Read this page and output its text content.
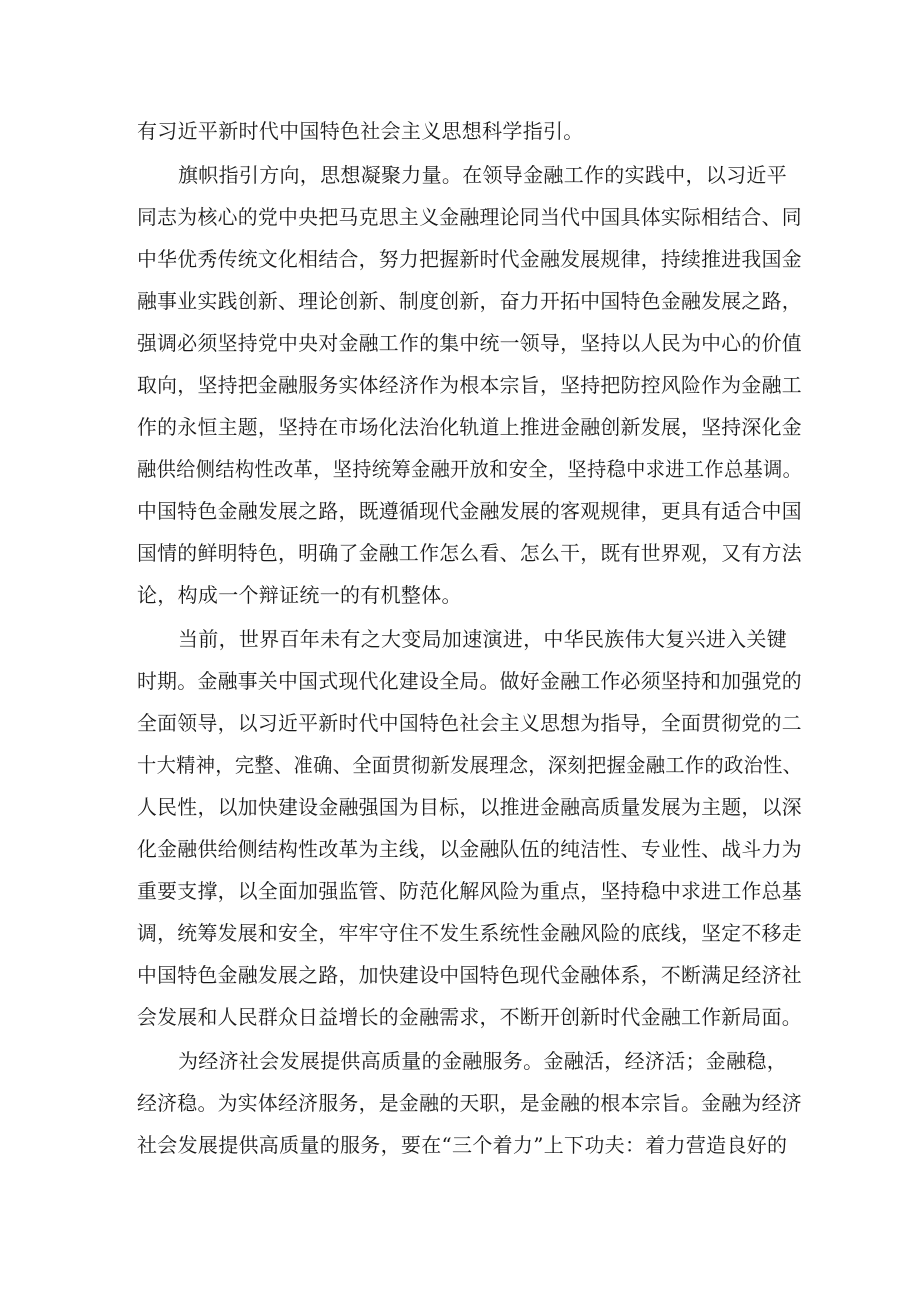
有习近平新时代中国特色社会主义思想科学指引。
旗帜指引方向，思想凝聚力量。在领导金融工作的实践中，以习近平
同志为核心的党中央把马克思主义金融理论同当代中国具体实际相结合、同
中华优秀传统文化相结合，努力把握新时代金融发展规律，持续推进我国金
融事业实践创新、理论创新、制度创新，奋力开拓中国特色金融发展之路，
强调必须坚持党中央对金融工作的集中统一领导，坚持以人民为中心的价值
取向，坚持把金融服务实体经济作为根本宗旨，坚持把防控风险作为金融工
作的永恒主题，坚持在市场化法治化轨道上推进金融创新发展，坚持深化金
融供给侧结构性改革，坚持统筹金融开放和安全，坚持稳中求进工作总基调。
中国特色金融发展之路，既遵循现代金融发展的客观规律，更具有适合中国
国情的鲜明特色，明确了金融工作怎么看、怎么干，既有世界观，又有方法
论，构成一个辩证统一的有机整体。
当前，世界百年未有之大变局加速演进，中华民族伟大复兴进入关键
时期。金融事关中国式现代化建设全局。做好金融工作必须坚持和加强党的
全面领导，以习近平新时代中国特色社会主义思想为指导，全面贯彻党的二
十大精神，完整、准确、全面贯彻新发展理念，深刻把握金融工作的政治性、
人民性，以加快建设金融强国为目标，以推进金融高质量发展为主题，以深
化金融供给侧结构性改革为主线，以金融队伍的纯洁性、专业性、战斗力为
重要支撑，以全面加强监管、防范化解风险为重点，坚持稳中求进工作总基
调，统筹发展和安全，牢牢守住不发生系统性金融风险的底线，坚定不移走
中国特色金融发展之路，加快建设中国特色现代金融体系，不断满足经济社
会发展和人民群众日益增长的金融需求，不断开创新时代金融工作新局面。
为经济社会发展提供高质量的金融服务。金融活，经济活；金融稳，
经济稳。为实体经济服务，是金融的天职，是金融的根本宗旨。金融为经济
社会发展提供高质量的服务，要在“三个着力”上下功夫：着力营造良好的
